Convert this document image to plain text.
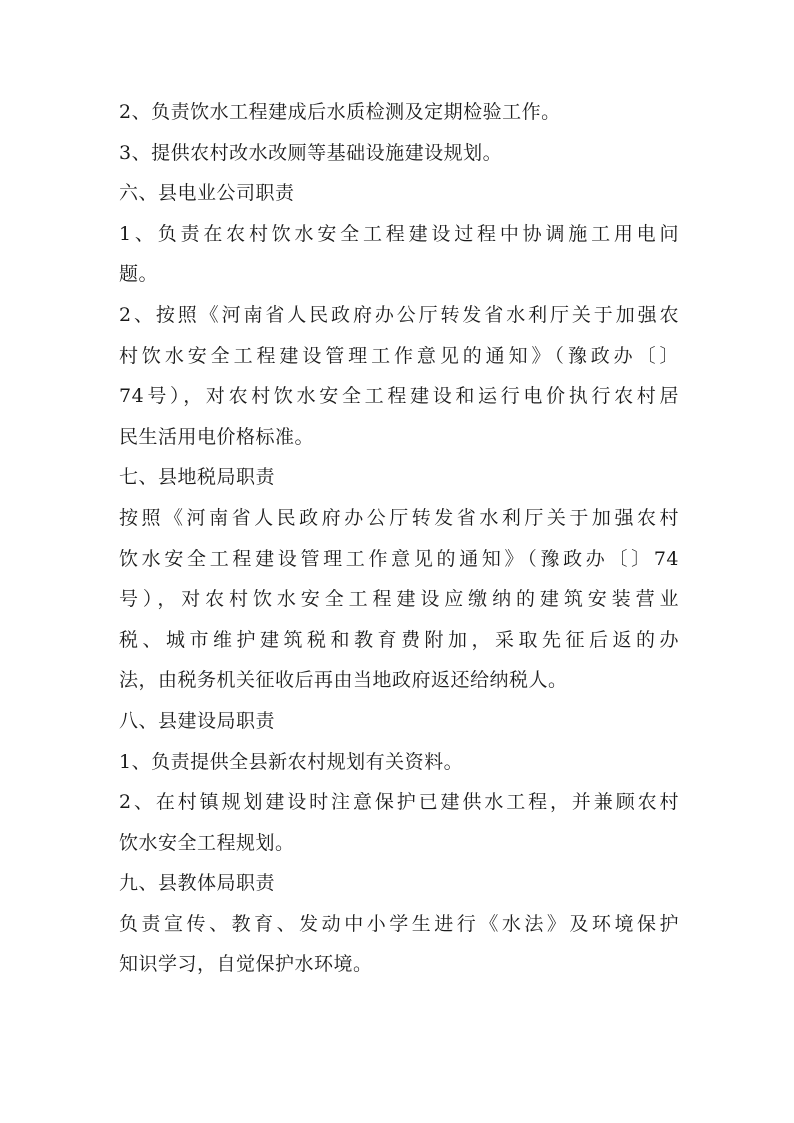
2、负责饮水工程建成后水质检测及定期检验工作。
3、提供农村改水改厕等基础设施建设规划。
六、县电业公司职责
1、负责在农村饮水安全工程建设过程中协调施工用电问
题。
2、按照《河南省人民政府办公厅转发省水利厅关于加强农
村饮水安全工程建设管理工作意见的通知》（豫政办〔〕
74号），对农村饮水安全工程建设和运行电价执行农村居
民生活用电价格标准。
七、县地税局职责
按照《河南省人民政府办公厅转发省水利厅关于加强农村
饮水安全工程建设管理工作意见的通知》（豫政办〔〕74
号），对农村饮水安全工程建设应缴纳的建筑安装营业
税、城市维护建筑税和教育费附加，采取先征后返的办
法，由税务机关征收后再由当地政府返还给纳税人。
八、县建设局职责
1、负责提供全县新农村规划有关资料。
2、在村镇规划建设时注意保护已建供水工程，并兼顾农村
饮水安全工程规划。
九、县教体局职责
负责宣传、教育、发动中小学生进行《水法》及环境保护
知识学习，自觉保护水环境。
